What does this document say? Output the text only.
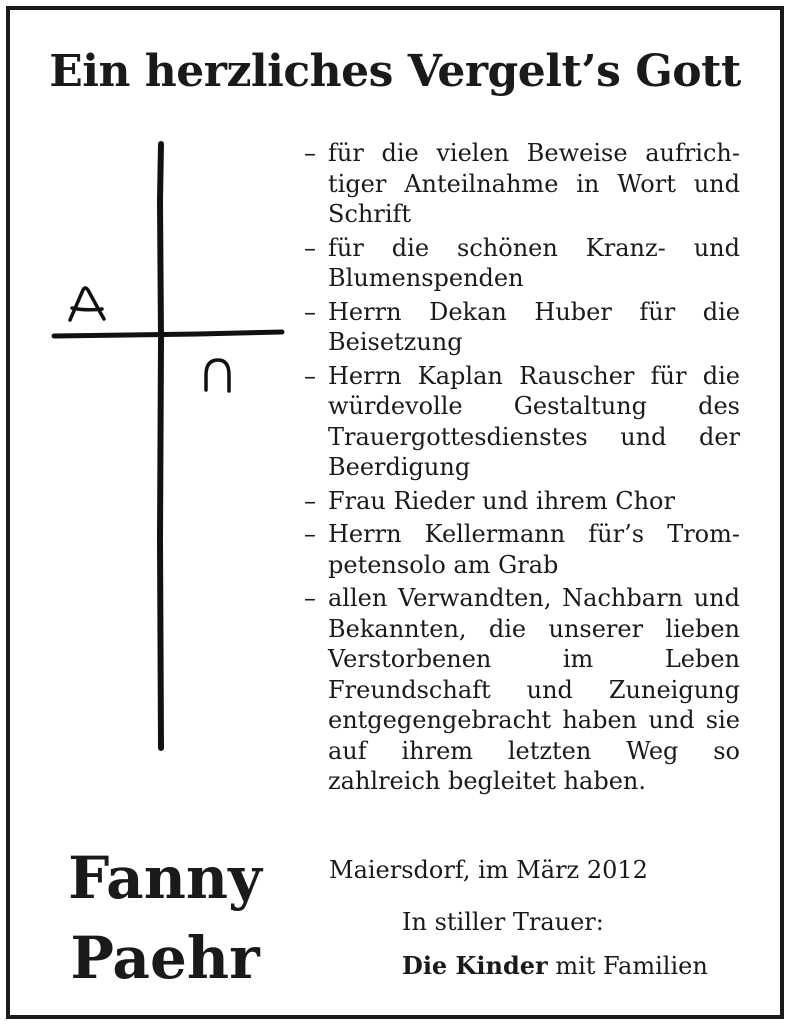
Ein herzliches Vergelt’s Gott
– für die vielen Beweise aufrichtiger Anteilnahme in Wort und Schrift
– für die schönen Kranz- und Blumenspenden
– Herrn Dekan Huber für die Beisetzung
– Herrn Kaplan Rauscher für die würdevolle Gestaltung des Trauergottesdienstes und der Beerdigung
– Frau Rieder und ihrem Chor
– Herrn Kellermann für’s Trompetensolo am Grab
– allen Verwandten, Nachbarn und Bekannten, die unserer lieben Verstorbenen im Leben Freundschaft und Zuneigung entgegengebracht haben und sie auf ihrem letzten Weg so zahlreich begleitet haben.
Fanny
Paehr
Maiersdorf, im März 2012
In stiller Trauer:
Die Kinder mit Familien
